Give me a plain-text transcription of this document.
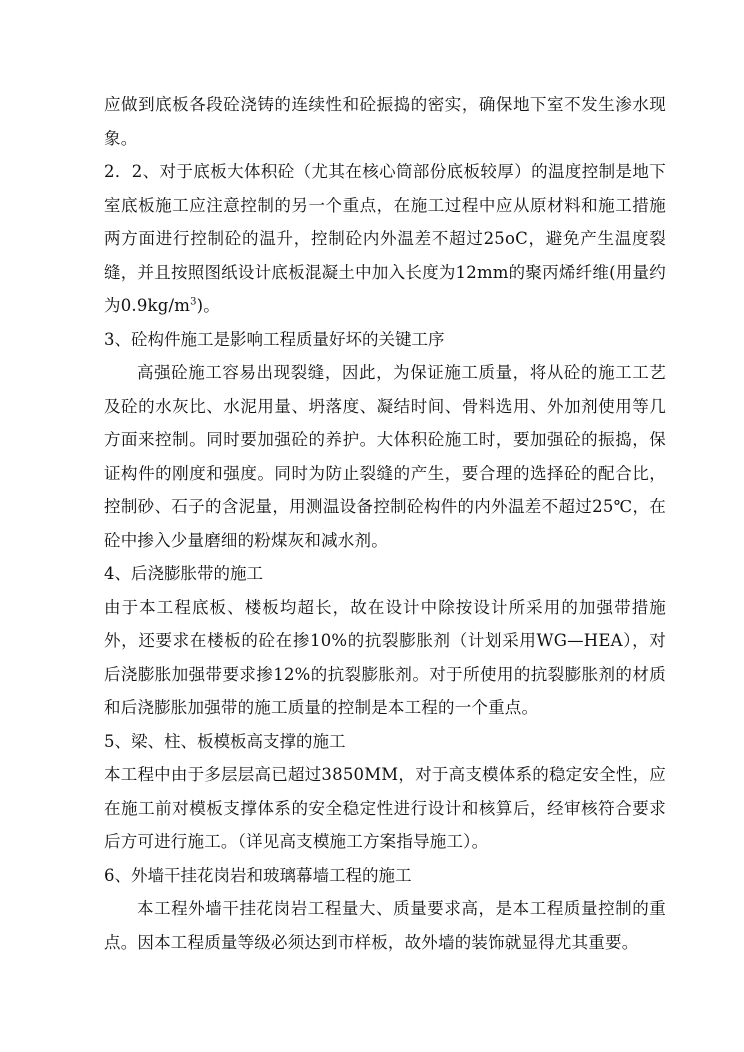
应做到底板各段砼浇铸的连续性和砼振捣的密实，确保地下室不发生渗水现象。

2．2、对于底板大体积砼（尤其在核心筒部份底板较厚）的温度控制是地下室底板施工应注意控制的另一个重点，在施工过程中应从原材料和施工措施两方面进行控制砼的温升，控制砼内外温差不超过25oC，避免产生温度裂缝，并且按照图纸设计底板混凝土中加入长度为12mm的聚丙烯纤维(用量约为$0.9kg/m^3$)。

3、砼构件施工是影响工程质量好坏的关键工序

高强砼施工容易出现裂缝，因此，为保证施工质量，将从砼的施工工艺及砼的水灰比、水泥用量、坍落度、凝结时间、骨料选用、外加剂使用等几方面来控制。同时要加强砼的养护。大体积砼施工时，要加强砼的振捣，保证构件的刚度和强度。同时为防止裂缝的产生，要合理的选择砼的配合比，控制砂、石子的含泥量，用测温设备控制砼构件的内外温差不超过25℃，在砼中掺入少量磨细的粉煤灰和减水剂。

4、后浇膨胀带的施工

由于本工程底板、楼板均超长，故在设计中除按设计所采用的加强带措施外，还要求在楼板的砼在掺10%的抗裂膨胀剂（计划采用WG—HEA），对后浇膨胀加强带要求掺12%的抗裂膨胀剂。对于所使用的抗裂膨胀剂的材质和后浇膨胀加强带的施工质量的控制是本工程的一个重点。

5、梁、柱、板模板高支撑的施工

本工程中由于多层层高已超过3850MM，对于高支模体系的稳定安全性，应在施工前对模板支撑体系的安全稳定性进行设计和核算后，经审核符合要求后方可进行施工。（详见高支模施工方案指导施工）。

6、外墙干挂花岗岩和玻璃幕墙工程的施工

本工程外墙干挂花岗岩工程量大、质量要求高，是本工程质量控制的重点。因本工程质量等级必须达到市样板，故外墙的装饰就显得尤其重要。
